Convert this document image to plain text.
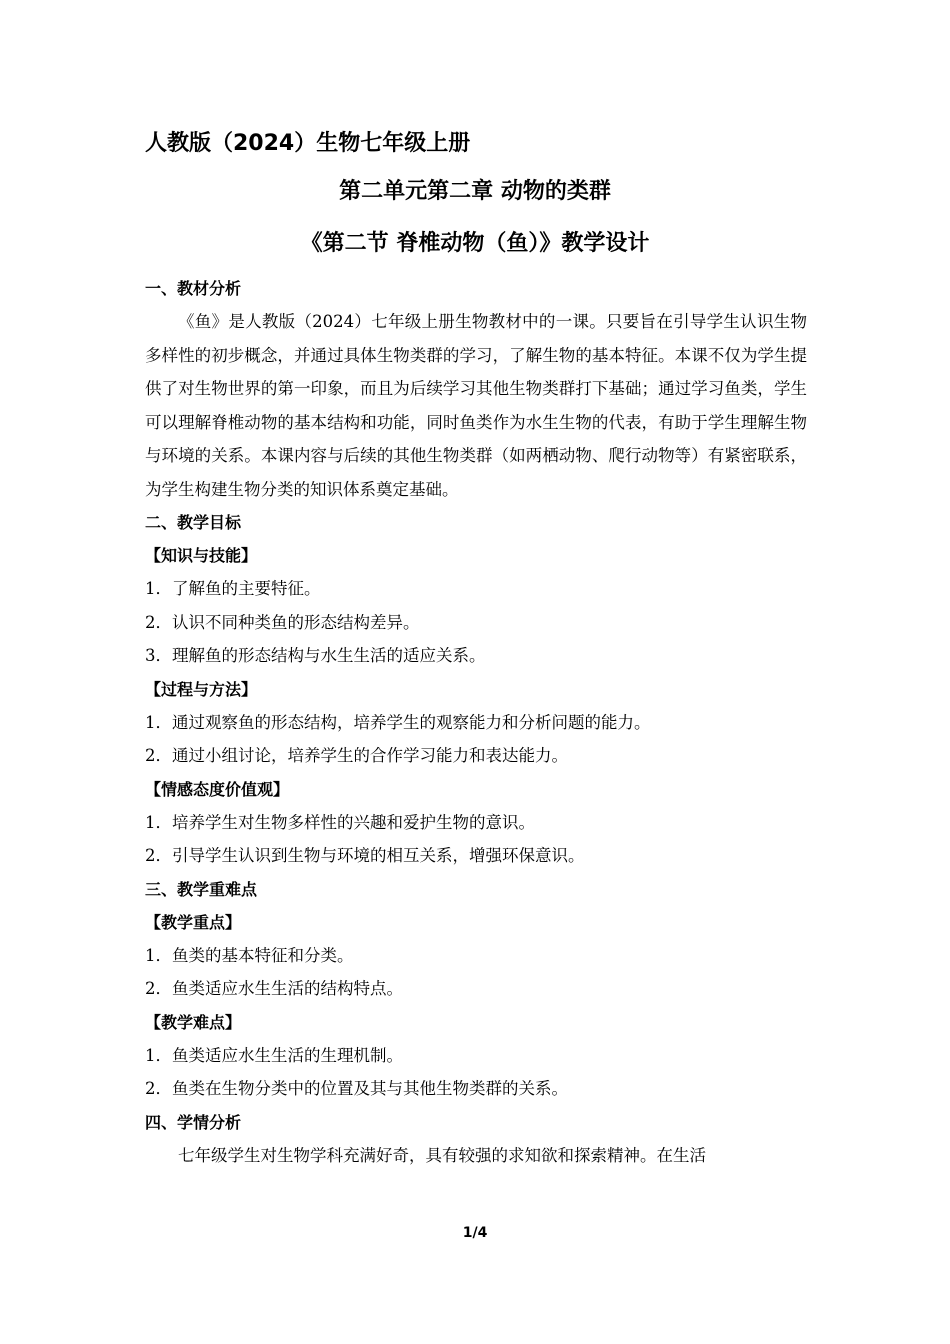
人教版（2024）生物七年级上册
第二单元第二章 动物的类群
《第二节 脊椎动物（鱼）》教学设计
一、教材分析
《鱼》是人教版（2024）七年级上册生物教材中的一课。只要旨在引导学生认识生物多样性的初步概念，并通过具体生物类群的学习，了解生物的基本特征。本课不仅为学生提供了对生物世界的第一印象，而且为后续学习其他生物类群打下基础；通过学习鱼类，学生可以理解脊椎动物的基本结构和功能，同时鱼类作为水生生物的代表，有助于学生理解生物与环境的关系。本课内容与后续的其他生物类群（如两栖动物、爬行动物等）有紧密联系，为学生构建生物分类的知识体系奠定基础。
二、教学目标
【知识与技能】
1．了解鱼的主要特征。
2．认识不同种类鱼的形态结构差异。
3．理解鱼的形态结构与水生生活的适应关系。
【过程与方法】
1．通过观察鱼的形态结构，培养学生的观察能力和分析问题的能力。
2．通过小组讨论，培养学生的合作学习能力和表达能力。
【情感态度价值观】
1．培养学生对生物多样性的兴趣和爱护生物的意识。
2．引导学生认识到生物与环境的相互关系，增强环保意识。
三、教学重难点
【教学重点】
1．鱼类的基本特征和分类。
2．鱼类适应水生生活的结构特点。
【教学难点】
1．鱼类适应水生生活的生理机制。
2．鱼类在生物分类中的位置及其与其他生物类群的关系。
四、学情分析
七年级学生对生物学科充满好奇，具有较强的求知欲和探索精神。在生活
1/4
